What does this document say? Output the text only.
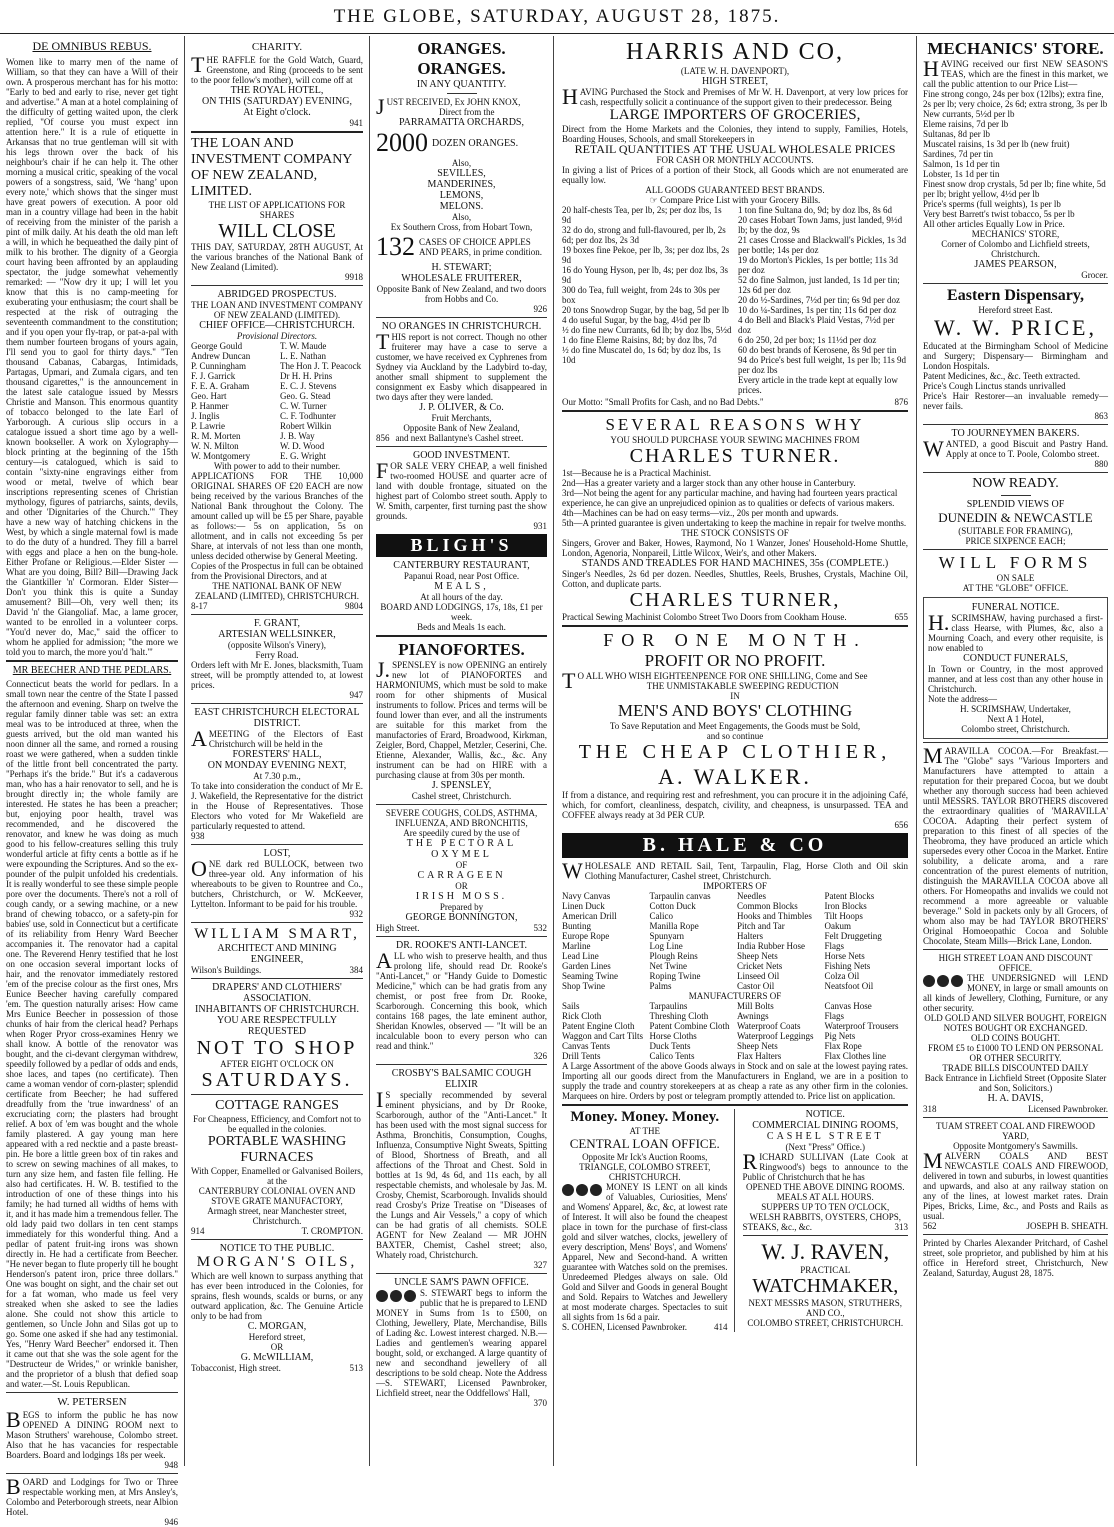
THE GLOBE, SATURDAY, AUGUST 28, 1875.
DE OMNIBUS REBUS.

Women like to marry men of the name of William, so that they can have a Will of their own. A prosperous merchant has for his motto: "Early to bed and early to rise, never get tight and advertise." A man at a hotel complaining of the difficulty of getting waited upon, the clerk replied, "Of course you must expect inn attention here." It is a rule of etiquette in Arkansas that no true gentleman will sit with his legs thrown over the back of his neighbour's chair if he can help it. The other morning a musical critic, speaking of the vocal powers of a songstress, said, 'We ‘hang’ upon every note,' which shows that the singer must have great powers of execution. A poor old man in a country village had been in the habit of receiving from the minister of the parish a pint of milk daily. At his death the old man left a will, in which he bequeathed the daily pint of milk to his brother. The dignity of a Georgia court having been affronted by an applauding spectator, the judge somewhat vehemently remarked: — "Now dry it up; I will let you know that this is no camp-meeting for exuberating your enthusiasm; the court shall be respected at the risk of outraging the seventeenth commandment to the constitution; and if you open your fly-trap, or pat-a-pal with them number fourteen brogans of yours again, I'll send you to gaol for thirty days." "Ten thousand Cabanas, Cabargas, Intimidads, Partagas, Upmari, and Zumala cigars, and ten thousand cigarettes," is the announcement in the latest sale catalogue issued by Messrs Christie and Manson. This enormous quantity of tobacco belonged to the late Earl of Yarborough. A curious slip occurs in a catalogue issued a short time ago by a well-known bookseller. A work on Xylography—block printing at the beginning of the 15th century—is catalogued, which is said to contain "sixty-nine engravings either from wood or metal, twelve of which bear inscriptions representing scenes of Christian mythology, figures of patriarchs, saints, devils, and other 'Dignitaries of the Church.'" They have a new way of hatching chickens in the West, by which a single maternal fowl is made to do the duty of a hundred. They fill a barrel with eggs and place a hen on the bung-hole. Either Profane or Religious.—Elder Sister —What are you doing, Bill? Bill—Drawing Jack the Giantkiller 'n' Cormoran. Elder Sister—Don't you think this is quite a Sunday amusement? Bill—Oh, very well then; its David 'n' the Giangoliaf. Mac, a lame grocer, wanted to be enrolled in a volunteer corps. "You'd never do, Mac," said the officer to whom he applied for admission; "the more we told you to march, the more you'd 'halt.'"

MR BEECHER AND THE PEDLARS.

Connecticut beats the world for pedlars. In a small town near the centre of the State I passed the afternoon and evening. Sharp on twelve the regular family dinner table was set: an extra meal was to be introduced at three, when the guests arrived, but the old man wanted his noon dinner all the same, and rorned a rousing roast we were gathered, when a sudden tinkle of the little front bell concentrated the party. "Perhaps it's the bride." But it's a cadaverous man, who has a hair renovator to sell, and he is brought directly in; the whole family are interested. He states he has been a preacher; but, enjoying poor health, travel was recommended, and he discovered the renovator, and knew he was doing as much good to his fellow-creatures selling this truly wonderful article at fifty cents a bottle as if he were expounding the Scriptures. And so the ex-pounder of the pulpit unfolded his credentials. It is really wonderful to see these simple people pore over the documents. There's not a roll of cough candy, or a sewing machine, or a new brand of chewing tobacco, or a safety-pin for babies' use, sold in Connecticut but a certificate of its reliability from Henry Ward Beecher accompanies it. The renovator had a capital one. The Reverend Henry testified that he lost on one occasion several important locks of hair, and the renovator immediately restored 'em of the precise colour as the first ones, Mrs Eunice Beecher having carefully compared 'em. The question naturally arises: How came Mrs Eunice Beecher in possession of those chunks of hair from the clerical head? Perhaps when Roger Pryor cross-examines Henry we shall know. A bottle of the renovator was bought, and the ci-devant clergyman withdrew, speedily followed by a pedlar of odds and ends, shoe laces, and tapes (no certificate). Then came a woman vendor of corn-plaster; splendid certificate from Beecher; he had suffered dreadfully from the 'true inwardness' of an excruciating corn; the plasters had brought relief. A box of 'em was bought and the whole family plastered. A gay young man here appeared with a red necktie and a paste breast-pin. He bore a little green box of tin rakes and to screw on sewing machines of all makes, to turn any size hem, and fasten file felling. He also had certificates. H. W. B. testified to the introduction of one of these things into his family; he had turned all widths of hems with it, and it has made him a tremendous feller. The old lady paid two dollars in ten cent stamps immediately for this wonderful thing. And a pedlar of patent fruit-ing irons was shown directly in. He had a certificate from Beecher. "He never began to flute properly till he bought Henderson's patent iron, price three dollars." One was bought on sight, and the chair set out for a fat woman, who made us feel very streaked when she asked to see the ladies alone. She could not show this article to gentlemen, so Uncle John and Silas got up to go. Some one asked if she had any testimonial. Yes, "Henry Ward Beecher" endorsed it. Then it came out that she was the sole agent for the "Destructeur de Wrides," or wrinkle banisher, and the proprietor of a blush that defied soap and water.—St. Louis Republican.

W. PETERSEN

BEGS to inform the public he has now OPENED A DINING ROOM next to Mason Struthers' warehouse, Colombo street. Also that he has vacancies for respectable Boarders. Board and lodgings 18s per week.

948

BOARD and Lodgings for Two or Three respectable working men, at Mrs Ansley's, Colombo and Peterborough streets, near Albion Hotel.

946

CHARITY.

THE RAFFLE for the Gold Watch, Guard, Greenstone, and Ring (proceeds to be sent to the poor fellow's mother), will come off at

THE ROYAL HOTEL,
ON THIS (SATURDAY) EVENING,
At Eight o'clock.

941

THE LOAN AND INVESTMENT COMPANY OF NEW ZEALAND, LIMITED.
THE LIST OF APPLICATIONS FOR SHARES
WILL CLOSE

THIS DAY, SATURDAY, 28TH AUGUST, At the various branches of the National Bank of New Zealand (Limited).

9918

ABRIDGED PROSPECTUS.

THE LOAN AND INVESTMENT COMPANY OF NEW ZEALAND (LIMITED).

CHIEF OFFICE—CHRISTCHURCH.
Provisional Directors.
George Gould
Andrew Duncan
P. Cunningham
F. J. Garrick
F. E. A. Graham
Geo. Hart
P. Hanmer
J. Inglis
P. Lawrie
R. M. Morten
W. N. Milton
W. Montgomery
T. W. Maude
L. E. Nathan
The Hon J. T. Peacock
Dr H. H. Prins
E. C. J. Stevens
Geo. G. Stead
C. W. Turner
C. F. Todhunter
Robert Wilkin
J. B. Way
W. D. Wood
E. G. Wright
With power to add to their number.

APPLICATIONS FOR THE 10,000 ORIGINAL SHARES OF £20 EACH are now being received by the various Branches of the National Bank throughout the Colony. The amount called up will be £5 per Share, payable as follows:— 5s on application, 5s on allotment, and in calls not exceeding 5s per Share, at intervals of not less than one month, unless decided otherwise by General Meeting.

Copies of the Prospectus in full can be obtained from the Provisional Directors, and at

THE NATIONAL BANK OF NEW ZEALAND (LIMITED), CHRISTCHURCH.
8-17	9804
F. GRANT,
ARTESIAN WELLSINKER,
(opposite Wilson's Vinery),
Ferry Road.

Orders left with Mr E. Jones, blacksmith, Tuam street, will be promptly attended to, at lowest prices.

947

EAST CHRISTCHURCH ELECTORAL DISTRICT.

AMEETING of the Electors of East Christchurch will be held in the

FORESTERS' HALL,
ON MONDAY EVENING NEXT,
At 7.30 p.m.,

To take into consideration the conduct of Mr E. J. Wakefield, the Representative for the district in the House of Representatives. Those Electors who voted for Mr Wakefield are particularly requested to attend.

938

LOST,

ONE dark red BULLOCK, between two three-year old. Any information of his whereabouts to be given to Rountree and Co., butchers, Christchurch, or W. McKeever, Lyttelton. Informant to be paid for his trouble.

932

WILLIAM SMART,
ARCHITECT AND MINING ENGINEER,
Wilson's Buildings.	384
DRAPERS' AND CLOTHIERS' ASSOCIATION.
INHABITANTS OF CHRISTCHURCH.
YOU ARE RESPECTFULLY REQUESTED
NOT TO SHOP
AFTER EIGHT O'CLOCK ON
SATURDAYS.
COTTAGE RANGES

For Cheapness, Efficiency, and Comfort not to be equalled in the colonies.

PORTABLE WASHING FURNACES

With Copper, Enamelled or Galvanised Boilers, at the

CANTERBURY COLONIAL OVEN AND STOVE GRATE MANUFACTORY,

Armagh street, near Manchester street, Christchurch.

914	T. CROMPTON.
NOTICE TO THE PUBLIC.
MORGAN'S OILS,

Which are well known to surpass anything that has ever been introduced in the Colonies, for sprains, flesh wounds, scalds or burns, or any outward application, &c. The Genuine Article only to be had from

C. MORGAN,
Hereford street,
OR
G. McWILLIAM,
Tobacconist, High street.	513
ORANGES. ORANGES.
IN ANY QUANTITY.

JUST RECEIVED, Ex JOHN KNOX,

Direct from the
PARRAMATTA ORCHARDS,
2000 DOZEN ORANGES.
Also,
SEVILLES,
MANDERINES,
LEMONS,
MELONS.
Also,
Ex Southern Cross, from Hobart Town,
132 CASES OF CHOICE APPLES AND PEARS, in prime condition.
H. STEWART;
WHOLESALE FRUITERER,

Opposite Bank of New Zealand, and two doors from Hobbs and Co.

926

NO ORANGES IN CHRISTCHURCH.

THIS report is not correct. Though no other fruiterer may have a case to serve a customer, we have received ex Cyphrenes from Sydney via Auckland by the Ladybird to-day, another small shipment to supplement the consignment ex Easby which disappeared in two days after they were landed.

J. P. OLIVER, & Co.
Fruit Merchants,
Opposite Bank of New Zealand,
856 and next Ballantyne's Cashel street.
GOOD INVESTMENT.

FOR SALE VERY CHEAP, a well finished two-roomed HOUSE and quarter acre of land with double frontage, situated on the highest part of Colombo street south. Apply to W. Smith, carpenter, first turning past the show grounds.

931

BLIGH'S
CANTERBURY RESTAURANT,
Papanui Road, near Post Office.
MEALS,
At all hours of the day.
BOARD AND LODGINGS, 17s, 18s, £1 per week.
Beds and Meals 1s each.
PIANOFORTES.

J.SPENSLEY is now OPENING an entirely new lot of PIANOFORTES and HARMONIUMS, which must be sold to make room for other shipments of Musical instruments to follow. Prices and terms will be found lower than ever, and all the instruments are suitable for this market from the manufactories of Erard, Broadwood, Kirkman, Zeigler, Bord, Chappel, Metzler, Ceserini, Che. Etienne, Alexander, Wallis, &c., &c. Any instrument can be had on HIRE with a purchasing clause at from 30s per month.

J. SPENSLEY,
Cashel street, Christchurch.
SEVERE COUGHS, COLDS, ASTHMA, INFLUENZA, AND BRONCHITIS,
Are speedily cured by the use of
THE PECTORAL OXYMEL
OF
CARRAGEEN
OR
IRISH MOSS.
Prepared by
GEORGE BONNINGTON,
High Street.	532
DR. ROOKE'S ANTI-LANCET.

ALL who wish to preserve health, and thus prolong life, should read Dr. Rooke's "Anti-Lancet," or "Handy Guide to Domestic Medicine," which can be had gratis from any chemist, or post free from Dr. Rooke, Scarborough. Concerning this book, which contains 168 pages, the late eminent author, Sheridan Knowles, observed — "It will be an incalculable boon to every person who can read and think."

326

CROSBY'S BALSAMIC COUGH ELIXIR

IS specially recommended by several eminent physicians, and by Dr Rooke, Scarborough, author of the "Anti-Lancet." It has been used with the most signal success for Asthma, Bronchitis, Consumption, Coughs, Influenza, Consumptive Night Sweats, Spitting of Blood, Shortness of Breath, and all affections of the Throat and Chest. Sold in bottles at 1s 9d, 4s 6d, and 11s each, by all respectable chemists, and wholesale by Jas. M. Crosby, Chemist, Scarborough. Invalids should read Crosby's Prize Treatise on "Diseases of the Lungs and Air Vessels," a copy of which can be had gratis of all chemists. SOLE AGENT for New Zealand — MR JOHN BAXTER, Chemist, Cashel street; also, Whately road, Christchurch.

327

UNCLE SAM'S PAWN OFFICE.

S. STEWART begs to inform the public that he is prepared to LEND MONEY in Sums from 1s to £500, on Clothing, Jewellery, Plate, Merchandise, Bills of Lading &c. Lowest interest charged. N.B.—Ladies and gentlemen's wearing apparel bought, sold, or exchanged. A large quantity of new and secondhand jewellery of all descriptions to be sold cheap. Note the Address—S. STEWART, Licensed Pawnbroker, Lichfield street, near the Oddfellows' Hall,

370

HARRIS AND CO,
(LATE W. H. DAVENPORT),
HIGH STREET,

HAVING Purchased the Stock and Premises of Mr W. H. Davenport, at very low prices for cash, respectfully solicit a continuance of the support given to their predecessor. Being

LARGE IMPORTERS OF GROCERIES,

Direct from the Home Markets and the Colonies, they intend to supply, Families, Hotels, Boarding Houses, Schools, and small Storekeepers in

RETAIL QUANTITIES AT THE USUAL WHOLESALE PRICES
FOR CASH OR MONTHLY ACCOUNTS.

In giving a list of Prices of a portion of their Stock, all Goods which are not enumerated are equally low.

ALL GOODS GUARANTEED BEST BRANDS.
☞ Compare Price List with your Grocery Bills.
20 half-chests Tea, per lb, 2s; per doz lbs, 1s 9d
32 do do, strong and full-flavoured, per lb, 2s 6d; per doz lbs, 2s 3d
19 boxes fine Pekoe, per lb, 3s; per doz lbs, 2s 9d
16 do Young Hyson, per lb, 4s; per doz lbs, 3s 9d
300 do Tea, full weight, from 24s to 30s per box
20 tons Snowdrop Sugar, by the bag, 5d per lb
4 do useful Sugar, by the bag, 4½d per lb
½ do fine new Currants, 6d lb; by doz lbs, 5½d
1 do fine Eleme Raisins, 8d; by doz lbs, 7d
½ do fine Muscatel do, 1s 6d; by doz lbs, 1s 10d
1 ton fine Sultana do, 9d; by doz lbs, 8s 6d
20 cases Hobart Town Jams, just landed, 9½d lb; by the doz, 9s
21 cases Crosse and Blackwall's Pickles, 1s 3d per bottle; 14s per doz
19 do Morton's Pickles, 1s per bottle; 11s 3d per doz
52 do fine Salmon, just landed, 1s 1d per tin; 12s 6d per doz
20 do ½-Sardines, 7½d per tin; 6s 9d per doz
10 do ¼-Sardines, 1s per tin; 11s 6d per doz
4 do Bell and Black's Plaid Vestas, 7½d per doz
6 do 250, 2d per box; 1s 11½d per doz
60 do best brands of Kerosene, 8s 9d per tin
94 do Price's best full weight, 1s per lb; 11s 9d per doz lbs
Every article in the trade kept at equally low prices.
Our Motto: "Small Profits for Cash, and no Bad Debts."	876
SEVERAL REASONS WHY
YOU SHOULD PURCHASE YOUR SEWING MACHINES FROM
CHARLES TURNER.
1st—Because he is a Practical Machinist.
2nd—Has a greater variety and a larger stock than any other house in Canterbury.
3rd—Not being the agent for any particular machine, and having had fourteen years practical experience, he can give an unprejudiced opinion as to qualities or defects of various makers.
4th—Machines can be had on easy terms—viz., 20s per month and upwards.
5th—A printed guarantee is given undertaking to keep the machine in repair for twelve months.
THE STOCK CONSISTS OF

Singers, Grover and Baker, Howes, Raymond, No 1 Wanzer, Jones' Household-Home Shuttle, London, Agenoria, Nonpareil, Little Wilcox, Weir's, and other Makers.

STANDS AND TREADLES FOR HAND MACHINES, 35s (COMPLETE.)

Singer's Needles, 2s 6d per dozen. Needles, Shuttles, Reels, Brushes, Crystals, Machine Oil, Cotton, and duplicate parts.

CHARLES TURNER,
Practical Sewing Machinist Colombo Street Two Doors from Cookham House.	655
FOR ONE MONTH.
PROFIT OR NO PROFIT.

TO ALL WHO WISH EIGHTEENPENCE FOR ONE SHILLING, Come and See

THE UNMISTAKABLE SWEEPING REDUCTION
IN
MEN'S AND BOYS' CLOTHING
To Save Reputation and Meet Engagements, the Goods must be Sold,
and so continue
THE CHEAP CLOTHIER,
A. WALKER.

If from a distance, and requiring rest and refreshment, you can procure it in the adjoining Café, which, for comfort, cleanliness, despatch, civility, and cheapness, is unsurpassed. TEA and COFFEE always ready at 3d PER CUP.

656

B. HALE & CO

WHOLESALE AND RETAIL Sail, Tent, Tarpaulin, Flag, Horse Cloth and Oil skin Clothing Manufacturer, Cashel street, Christchurch.

IMPORTERS OF
Navy Canvas
Linen Duck
American Drill
Bunting
Europe Rope
Marline
Lead Line
Garden Lines
Seaming Twine
Shop Twine
Tarpaulin canvas
Cotton Duck
Calico
Manilla Rope
Spunyarn
Log Line
Plough Reins
Net Twine
Roping Twine
Palms
Needles
Common Blocks
Hooks and Thimbles
Pitch and Tar
Halters
India Rubber Hose
Sheep Nets
Cricket Nets
Linseed Oil
Castor Oil
Patent Blocks
Iron Blocks
Tilt Hoops
Oakum
Felt Druggeting
Flags
Horse Nets
Fishing Nets
Colza Oil
Neatsfoot Oil
MANUFACTURERS OF
Sails
Rick Cloth
Patent Engine Cloth
Waggon and Cart Tilts
Canvas Tents
Drill Tents
Tarpaulins
Threshing Cloth
Patent Combine Cloth
Horse Cloths
Duck Tents
Calico Tents
Mill Bolts
Awnings
Waterproof Coats
Waterproof Leggings
Sheep Nets
Flax Halters
Canvas Hose
Flags
Waterproof Trousers
Pig Nets
Flax Rope
Flax Clothes line

A Large Assortment of the above Goods always in Stock and on sale at the lowest paying rates. Importing all our goods direct from the Manufacturers in England, we are in a position to supply the trade and country storekeepers at as cheap a rate as any other firm in the colonies. Marquees on hire. Orders by post or telegram promptly attended to. Price list on application.

Money. Money. Money.
AT THE
CENTRAL LOAN OFFICE.
Opposite Mr Ick's Auction Rooms,
TRIANGLE, COLOMBO STREET,
CHRISTCHURCH.

MONEY IS LENT on all kinds of Valuables, Curiosities, Mens' and Womens' Apparel, &c, &c, at lowest rate of Interest. It will also be found the cheapest place in town for the purchase of first-class gold and silver watches, clocks, jewellery of every description, Mens' Boys', and Womens' Apparel, New and Second-hand. A written guarantee with Watches sold on the premises. Unredeemed Pledges always on sale. Old Gold and Silver and Goods in general Bought and Sold. Repairs to Watches and Jewellery at most moderate charges. Spectacles to suit all sights from 1s 6d a pair.

S. COHEN, Licensed Pawnbroker.	414
NOTICE.
COMMERCIAL DINING ROOMS,
CASHEL STREET
(Next "Press" Office.)

RICHARD SULLIVAN (Late Cook at Ringwood's) begs to announce to the Public of Christchurch that he has

OPENED THE ABOVE DINING ROOMS.
MEALS AT ALL HOURS.
SUPPERS UP TO TEN O'CLOCK,
WELSH RABBITS, OYSTERS, CHOPS,
STEAKS, &c., &c.	313
W. J. RAVEN,
PRACTICAL
WATCHMAKER,
NEXT MESSRS MASON, STRUTHERS,
AND CO.,
COLOMBO STREET, CHRISTCHURCH.
MECHANICS' STORE.

HAVING received our first NEW SEASON'S TEAS, which are the finest in this market, we call the public attention to our Price List—

Fine strong congo, 24s per box (12lbs); extra fine, 2s per lb; very choice, 2s 6d; extra strong, 3s per lb
New currants, 5½d per lb
Eleme raisins, 7d per lb
Sultanas, 8d per lb
Muscatel raisins, 1s 3d per lb (new fruit)
Sardines, 7d per tin
Salmon, 1s 1d per tin
Lobster, 1s 1d per tin
Finest snow drop crystals, 5d per lb; fine white, 5d per lb; bright yellow, 4½d per lb
Price's sperms (full weights), 1s per lb
Very best Barrett's twist tobacco, 5s per lb
All other articles Equally Low in Price.
MECHANICS' STORE,
Corner of Colombo and Lichfield streets, Christchurch.
JAMES PEARSON,

Grocer.

Eastern Dispensary,
Hereford street East.
W. W. PRICE,

Educated at the Birmingham School of Medicine and Surgery; Dispensary— Birmingham and London Hospitals.

Patent Medicines, &c., &c. Teeth extracted.

Price's Cough Linctus stands unrivalled

Price's Hair Restorer—an invaluable remedy—never fails.

863

TO JOURNEYMEN BAKERS.

WANTED, a good Biscuit and Pastry Hand. Apply at once to T. Poole, Colombo street.

880

NOW READY.
SPLENDID VIEWS OF
DUNEDIN & NEWCASTLE
(SUITABLE FOR FRAMING),
PRICE SIXPENCE EACH;
WILL FORMS
ON SALE
AT THE "GLOBE" OFFICE.
FUNERAL NOTICE.

H.SCRIMSHAW, having purchased a first-class Hearse, with Plumes, &c, also a Mourning Coach, and every other requisite, is now enabled to

CONDUCT FUNERALS,

In Town or Country, in the most approved manner, and at less cost than any other house in Christchurch.

Note the address—

H. SCRIMSHAW, Undertaker,
Next A 1 Hotel,
Colombo street, Christchurch.

MARAVILLA COCOA.—For Breakfast.—The "Globe" says "Various Importers and Manufacturers have attempted to attain a reputation for their prepared Cocoa, but we doubt whether any thorough success had been achieved until MESSRS. TAYLOR BROTHERS discovered the extraordinary qualities of 'MARAVILLA' COCOA. Adapting their perfect system of preparation to this finest of all species of the Theobroma, they have produced an article which supersedes every other Cocoa in the Market. Entire solubility, a delicate aroma, and a rare concentration of the purest elements of nutrition, distinguish the MARAVILLA COCOA above all others. For Homeopaths and invalids we could not recommend a more agreeable or valuable beverage." Sold in packets only by all Grocers, of whom also may be had TAYLOR BROTHERS' Original Homoeopathic Cocoa and Soluble Chocolate, Steam Mills—Brick Lane, London.

HIGH STREET LOAN AND DISCOUNT OFFICE.

THE UNDERSIGNED will LEND MONEY, in large or small amounts on all kinds of Jewellery, Clothing, Furniture, or any other security.

OLD GOLD AND SILVER BOUGHT, FOREIGN NOTES BOUGHT OR EXCHANGED.
OLD COINS BOUGHT.
FROM £5 to £1000 TO LEND ON PERSONAL OR OTHER SECURITY.
TRADE BILLS DISCOUNTED DAILY

Back Entrance in Lichfield Street (Opposite Slater and Son, Solicitors.)

H. A. DAVIS,
318	Licensed Pawnbroker.
TUAM STREET COAL AND FIREWOOD YARD,
Opposite Montgomery's Sawmills.

MALVERN COALS AND BEST NEWCASTLE COALS AND FIREWOOD, delivered in town and suburbs, in lowest quantities and upwards, and also at any railway station on any of the lines, at lowest market rates. Drain Pipes, Bricks, Lime, &c., and Posts and Rails as usual.

562	JOSEPH B. SHEATH.

Printed by Charles Alexander Pritchard, of Cashel street, sole proprietor, and published by him at his office in Hereford street, Christchurch, New Zealand, Saturday, August 28, 1875.
